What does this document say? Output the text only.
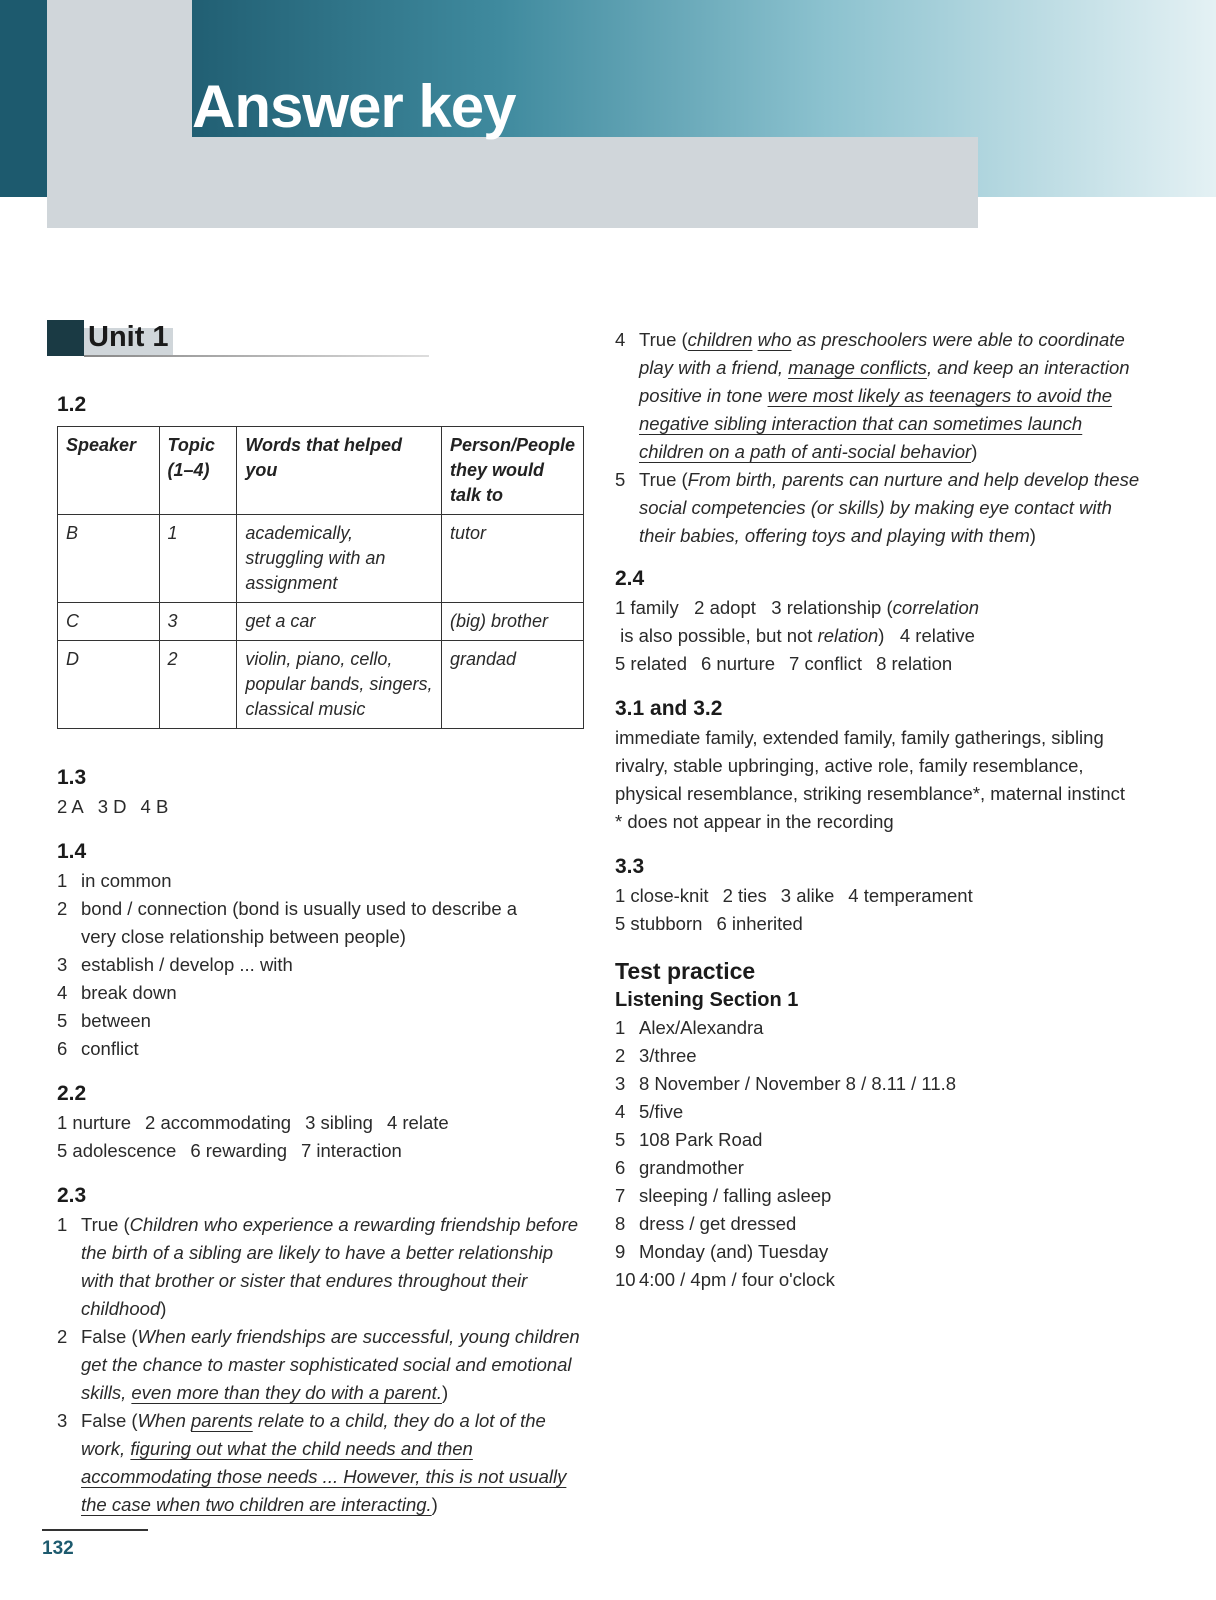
Answer key
Unit 1
1.2
Speaker	Topic (1–4)	Words that helped you	Person/People they would talk to
B	1	academically, struggling with an assignment	tutor
C	3	get a car	(big) brother
D	2	violin, piano, cello, popular bands, singers, classical music	grandad
1.3
2 A 3 D 4 B
1.4
1 in common
2 bond / connection (bond is usually used to describe a very close relationship between people)
3 establish / develop ... with
4 break down
5 between
6 conflict
2.2
1 nurture 2 accommodating 3 sibling 4 relate
5 adolescence 6 rewarding 7 interaction
2.3
1 True (Children who experience a rewarding friendship before the birth of a sibling are likely to have a better relationship with that brother or sister that endures throughout their childhood)
2 False (When early friendships are successful, young children get the chance to master sophisticated social and emotional skills, even more than they do with a parent.)
3 False (When parents relate to a child, they do a lot of the work, figuring out what the child needs and then accommodating those needs ... However, this is not usually the case when two children are interacting.)
4 True (children who as preschoolers were able to coordinate play with a friend, manage conflicts, and keep an interaction positive in tone were most likely as teenagers to avoid the negative sibling interaction that can sometimes launch children on a path of anti-social behavior)
5 True (From birth, parents can nurture and help develop these social competencies (or skills) by making eye contact with their babies, offering toys and playing with them)
2.4
1 family   2 adopt   3 relationship (correlation is also possible, but not relation)   4 relative
5 related 6 nurture 7 conflict 8 relation
3.1 and 3.2
immediate family, extended family, family gatherings, sibling rivalry, stable upbringing, active role, family resemblance, physical resemblance, striking resemblance*, maternal instinct
* does not appear in the recording
3.3
1 close-knit 2 ties 3 alike 4 temperament
5 stubborn 6 inherited
Test practice
Listening Section 1
1 Alex/Alexandra
2 3/three
3 8 November / November 8 / 8.11 / 11.8
4 5/five
5 108 Park Road
6 grandmother
7 sleeping / falling asleep
8 dress / get dressed
9 Monday (and) Tuesday
10 4:00 / 4pm / four o'clock
132
